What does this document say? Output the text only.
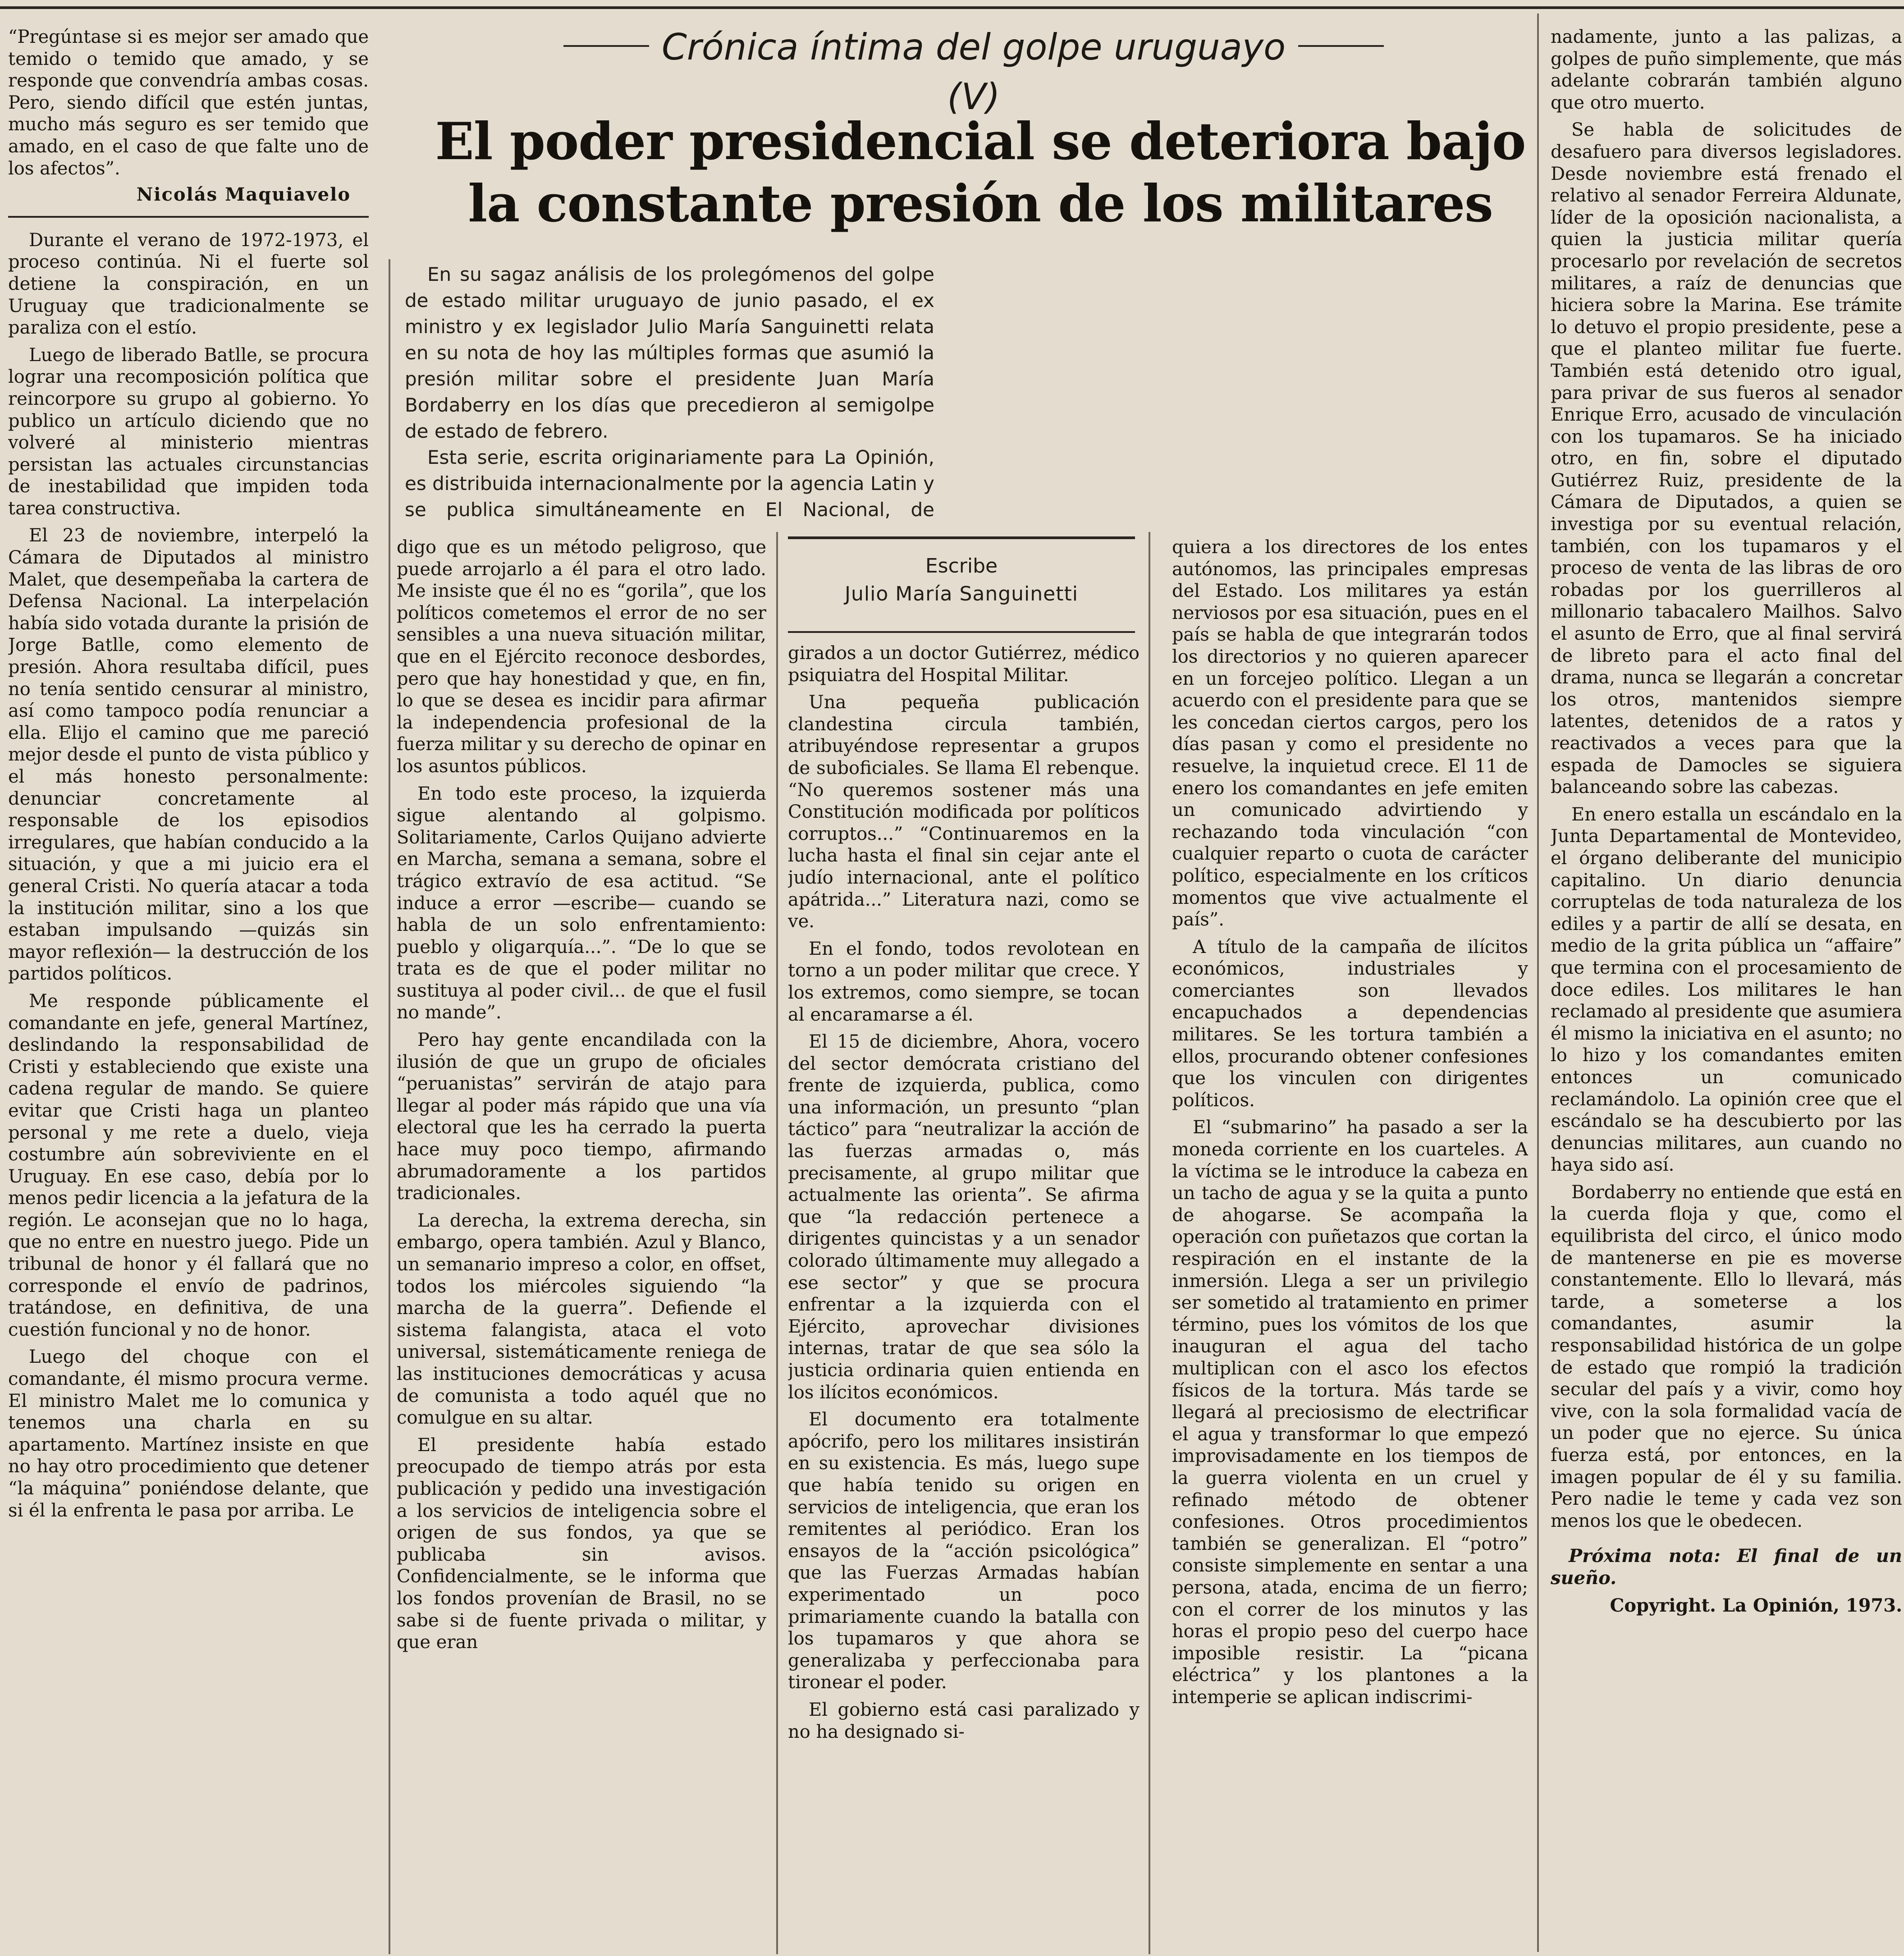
Crónica íntima del golpe uruguayo (V)
El poder presidencial se deteriora bajo
la constante presión de los militares

En su sagaz análisis de los prolegómenos del golpe de estado militar uruguayo de junio pasado, el ex ministro y ex legislador Julio María Sanguinetti relata en su nota de hoy las múltiples formas que asumió la presión militar sobre el presidente Juan María Bordaberry en los días que precedieron al semigolpe de estado de febrero.

Esta serie, escrita originariamente para La Opinión, es distribuida internacionalmente por la agencia Latin y se publica simultáneamente en El Nacional, de

Escribe
Julio María Sanguinetti

“Pregúntase si es mejor ser amado que temido o temido que amado, y se responde que convendría ambas cosas. Pero, siendo difícil que estén juntas, mucho más seguro es ser temido que amado, en el caso de que falte uno de los afectos”.

Nicolás Maquiavelo

Durante el verano de 1972-1973, el proceso continúa. Ni el fuerte sol detiene la conspiración, en un Uruguay que tradicionalmente se paraliza con el estío.

Luego de liberado Batlle, se procura lograr una recomposición política que reincorpore su grupo al gobierno. Yo publico un artículo diciendo que no volveré al ministerio mientras persistan las actuales circunstancias de inestabilidad que impiden toda tarea constructiva.

El 23 de noviembre, interpeló la Cámara de Diputados al ministro Malet, que desempeñaba la cartera de Defensa Nacional. La interpelación había sido votada durante la prisión de Jorge Batlle, como elemento de presión. Ahora resultaba difícil, pues no tenía sentido censurar al ministro, así como tampoco podía renunciar a ella. Elijo el camino que me pareció mejor desde el punto de vista público y el más honesto personalmente: denunciar concretamente al responsable de los episodios irregulares, que habían conducido a la situación, y que a mi juicio era el general Cristi. No quería atacar a toda la institución militar, sino a los que estaban impulsando —quizás sin mayor reflexión— la destrucción de los partidos políticos.

Me responde públicamente el comandante en jefe, general Martínez, deslindando la responsabilidad de Cristi y estableciendo que existe una cadena regular de mando. Se quiere evitar que Cristi haga un planteo personal y me rete a duelo, vieja costumbre aún sobreviviente en el Uruguay. En ese caso, debía por lo menos pedir licencia a la jefatura de la región. Le aconsejan que no lo haga, que no entre en nuestro juego. Pide un tribunal de honor y él fallará que no corresponde el envío de padrinos, tratándose, en definitiva, de una cuestión funcional y no de honor.

Luego del choque con el comandante, él mismo procura verme. El ministro Malet me lo comunica y tenemos una charla en su apartamento. Martínez insiste en que no hay otro procedimiento que detener “la máquina” poniéndose delante, que si él la enfrenta le pasa por arriba. Le

digo que es un método peligroso, que puede arrojarlo a él para el otro lado. Me insiste que él no es “gorila”, que los políticos cometemos el error de no ser sensibles a una nueva situación militar, que en el Ejército reconoce desbordes, pero que hay honestidad y que, en fin, lo que se desea es incidir para afirmar la independencia profesional de la fuerza militar y su derecho de opinar en los asuntos públicos.

En todo este proceso, la izquierda sigue alentando al golpismo. Solitariamente, Carlos Quijano advierte en Marcha, semana a semana, sobre el trágico extravío de esa actitud. “Se induce a error —escribe— cuando se habla de un solo enfrentamiento: pueblo y oligarquía...”. “De lo que se trata es de que el poder militar no sustituya al poder civil... de que el fusil no mande”.

Pero hay gente encandilada con la ilusión de que un grupo de oficiales “peruanistas” servirán de atajo para llegar al poder más rápido que una vía electoral que les ha cerrado la puerta hace muy poco tiempo, afirmando abrumadoramente a los partidos tradicionales.

La derecha, la extrema derecha, sin embargo, opera también. Azul y Blanco, un semanario impreso a color, en offset, todos los miércoles siguiendo “la marcha de la guerra”. Defiende el sistema falangista, ataca el voto universal, sistemáticamente reniega de las instituciones democráticas y acusa de comunista a todo aquél que no comulgue en su altar.

El presidente había estado preocupado de tiempo atrás por esta publicación y pedido una investigación a los servicios de inteligencia sobre el origen de sus fondos, ya que se publicaba sin avisos. Confidencialmente, se le informa que los fondos provenían de Brasil, no se sabe si de fuente privada o militar, y que eran

girados a un doctor Gutiérrez, médico psiquiatra del Hospital Militar.

Una pequeña publicación clandestina circula también, atribuyéndose representar a grupos de suboficiales. Se llama El rebenque. “No queremos sostener más una Constitución modificada por políticos corruptos...” “Continuaremos en la lucha hasta el final sin cejar ante el judío internacional, ante el político apátrida...” Literatura nazi, como se ve.

En el fondo, todos revolotean en torno a un poder militar que crece. Y los extremos, como siempre, se tocan al encaramarse a él.

El 15 de diciembre, Ahora, vocero del sector demócrata cristiano del frente de izquierda, publica, como una información, un presunto “plan táctico” para “neutralizar la acción de las fuerzas armadas o, más precisamente, al grupo militar que actualmente las orienta”. Se afirma que “la redacción pertenece a dirigentes quincistas y a un senador colorado últimamente muy allegado a ese sector” y que se procura enfrentar a la izquierda con el Ejército, aprovechar divisiones internas, tratar de que sea sólo la justicia ordinaria quien entienda en los ilícitos económicos.

El documento era totalmente apócrifo, pero los militares insistirán en su existencia. Es más, luego supe que había tenido su origen en servicios de inteligencia, que eran los remitentes al periódico. Eran los ensayos de la “acción psicológica” que las Fuerzas Armadas habían experimentado un poco primariamente cuando la batalla con los tupamaros y que ahora se generalizaba y perfeccionaba para tironear el poder.

El gobierno está casi paralizado y no ha designado si-

quiera a los directores de los entes autónomos, las principales empresas del Estado. Los militares ya están nerviosos por esa situación, pues en el país se habla de que integrarán todos los directorios y no quieren aparecer en un forcejeo político. Llegan a un acuerdo con el presidente para que se les concedan ciertos cargos, pero los días pasan y como el presidente no resuelve, la inquietud crece. El 11 de enero los comandantes en jefe emiten un comunicado advirtiendo y rechazando toda vinculación “con cualquier reparto o cuota de carácter político, especialmente en los críticos momentos que vive actualmente el país”.

A título de la campaña de ilícitos económicos, industriales y comerciantes son llevados encapuchados a dependencias militares. Se les tortura también a ellos, procurando obtener confesiones que los vinculen con dirigentes políticos.

El “submarino” ha pasado a ser la moneda corriente en los cuarteles. A la víctima se le introduce la cabeza en un tacho de agua y se la quita a punto de ahogarse. Se acompaña la operación con puñetazos que cortan la respiración en el instante de la inmersión. Llega a ser un privilegio ser sometido al tratamiento en primer término, pues los vómitos de los que inauguran el agua del tacho multiplican con el asco los efectos físicos de la tortura. Más tarde se llegará al preciosismo de electrificar el agua y transformar lo que empezó improvisadamente en los tiempos de la guerra violenta en un cruel y refinado método de obtener confesiones. Otros procedimientos también se generalizan. El “potro” consiste simplemente en sentar a una persona, atada, encima de un fierro; con el correr de los minutos y las horas el propio peso del cuerpo hace imposible resistir. La “picana eléctrica” y los plantones a la intemperie se aplican indiscrimi-

nadamente, junto a las palizas, a golpes de puño simplemente, que más adelante cobrarán también alguno que otro muerto.

Se habla de solicitudes de desafuero para diversos legisladores. Desde noviembre está frenado el relativo al senador Ferreira Aldunate, líder de la oposición nacionalista, a quien la justicia militar quería procesarlo por revelación de secretos militares, a raíz de denuncias que hiciera sobre la Marina. Ese trámite lo detuvo el propio presidente, pese a que el planteo militar fue fuerte. También está detenido otro igual, para privar de sus fueros al senador Enrique Erro, acusado de vinculación con los tupamaros. Se ha iniciado otro, en fin, sobre el diputado Gutiérrez Ruiz, presidente de la Cámara de Diputados, a quien se investiga por su eventual relación, también, con los tupamaros y el proceso de venta de las libras de oro robadas por los guerrilleros al millonario tabacalero Mailhos. Salvo el asunto de Erro, que al final servirá de libreto para el acto final del drama, nunca se llegarán a concretar los otros, mantenidos siempre latentes, detenidos de a ratos y reactivados a veces para que la espada de Damocles se siguiera balanceando sobre las cabezas.

En enero estalla un escándalo en la Junta Departamental de Montevideo, el órgano deliberante del municipio capitalino. Un diario denuncia corruptelas de toda naturaleza de los ediles y a partir de allí se desata, en medio de la grita pública un “affaire” que termina con el procesamiento de doce ediles. Los militares le han reclamado al presidente que asumiera él mismo la iniciativa en el asunto; no lo hizo y los comandantes emiten entonces un comunicado reclamándolo. La opinión cree que el escándalo se ha descubierto por las denuncias militares, aun cuando no haya sido así.

Bordaberry no entiende que está en la cuerda floja y que, como el equilibrista del circo, el único modo de mantenerse en pie es moverse constantemente. Ello lo llevará, más tarde, a someterse a los comandantes, asumir la responsabilidad histórica de un golpe de estado que rompió la tradición secular del país y a vivir, como hoy vive, con la sola formalidad vacía de un poder que no ejerce. Su única fuerza está, por entonces, en la imagen popular de él y su familia. Pero nadie le teme y cada vez son menos los que le obedecen.

Próxima nota: El final de un sueño.

Copyright. La Opinión, 1973.
